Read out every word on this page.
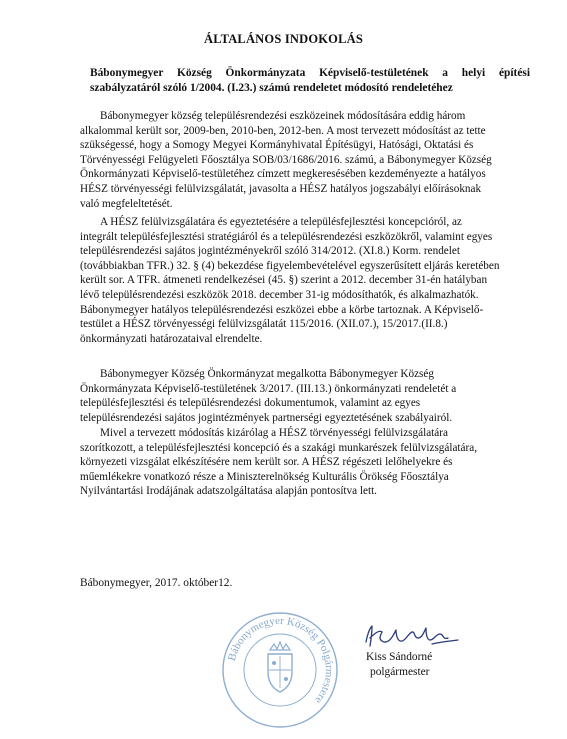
ÁLTALÁNOS INDOKOLÁS
Bábonymegyer Község Önkormányzata Képviselő-testületének a helyi építési szabályzatáról szóló 1/2004. (I.23.) számú rendeletet módosító rendeletéhez
Bábonymegyer község településrendezési eszközeinek módosítására eddig három
alkalommal került sor, 2009-ben, 2010-ben, 2012-ben. A most tervezett módosítást az tette
szükségessé, hogy a Somogy Megyei Kormányhivatal Építésügyi, Hatósági, Oktatási és
Törvényességi Felügyeleti Főosztálya SOB/03/1686/2016. számú, a Bábonymegyer Község
Önkormányzati Képviselő-testületéhez címzett megkeresésében kezdeményezte a hatályos
HÉSZ törvényességi felülvizsgálatát, javasolta a HÉSZ hatályos jogszabályi előírásoknak
való megfeleltetését.
A HÉSZ felülvizsgálatára és egyeztetésére a településfejlesztési koncepcióról, az
integrált településfejlesztési stratégiáról és a településrendezési eszközökről, valamint egyes
településrendezési sajátos jogintézményekről szóló 314/2012. (XI.8.) Korm. rendelet
(továbbiakban TFR.) 32. § (4) bekezdése figyelembevételével egyszerűsített eljárás keretében
került sor. A TFR. átmeneti rendelkezései (45. §) szerint a 2012. december 31-én hatályban
lévő településrendezési eszközök 2018. december 31-ig módosíthatók, és alkalmazhatók.
Bábonymegyer hatályos településrendezési eszközei ebbe a körbe tartoznak. A Képviselő-
testület a HÉSZ törvényességi felülvizsgálatát 115/2016. (XII.07.), 15/2017.(II.8.)
önkormányzati határozataival elrendelte.
Bábonymegyer Község Önkormányzat megalkotta Bábonymegyer Község
Önkormányzata Képviselő-testületének 3/2017. (III.13.) önkormányzati rendeletét a
településfejlesztési és településrendezési dokumentumok, valamint az egyes
településrendezési sajátos jogintézmények partnerségi egyeztetésének szabályairól.
Mivel a tervezett módosítás kizárólag a HÉSZ törvényességi felülvizsgálatára
szorítkozott, a településfejlesztési koncepció és a szakági munkarészek felülvizsgálatára,
környezeti vizsgálat elkészítésére nem került sor. A HÉSZ régészeti lelőhelyekre és
műemlékekre vonatkozó része a Miniszterelnökség Kulturális Örökség Főosztálya
Nyilvántartási Irodájának adatszolgáltatása alapján pontosítva lett.
Bábonymegyer, 2017. október12.
Bábonymegyer Község Polgármestere
Kiss Sándorné
polgármester
